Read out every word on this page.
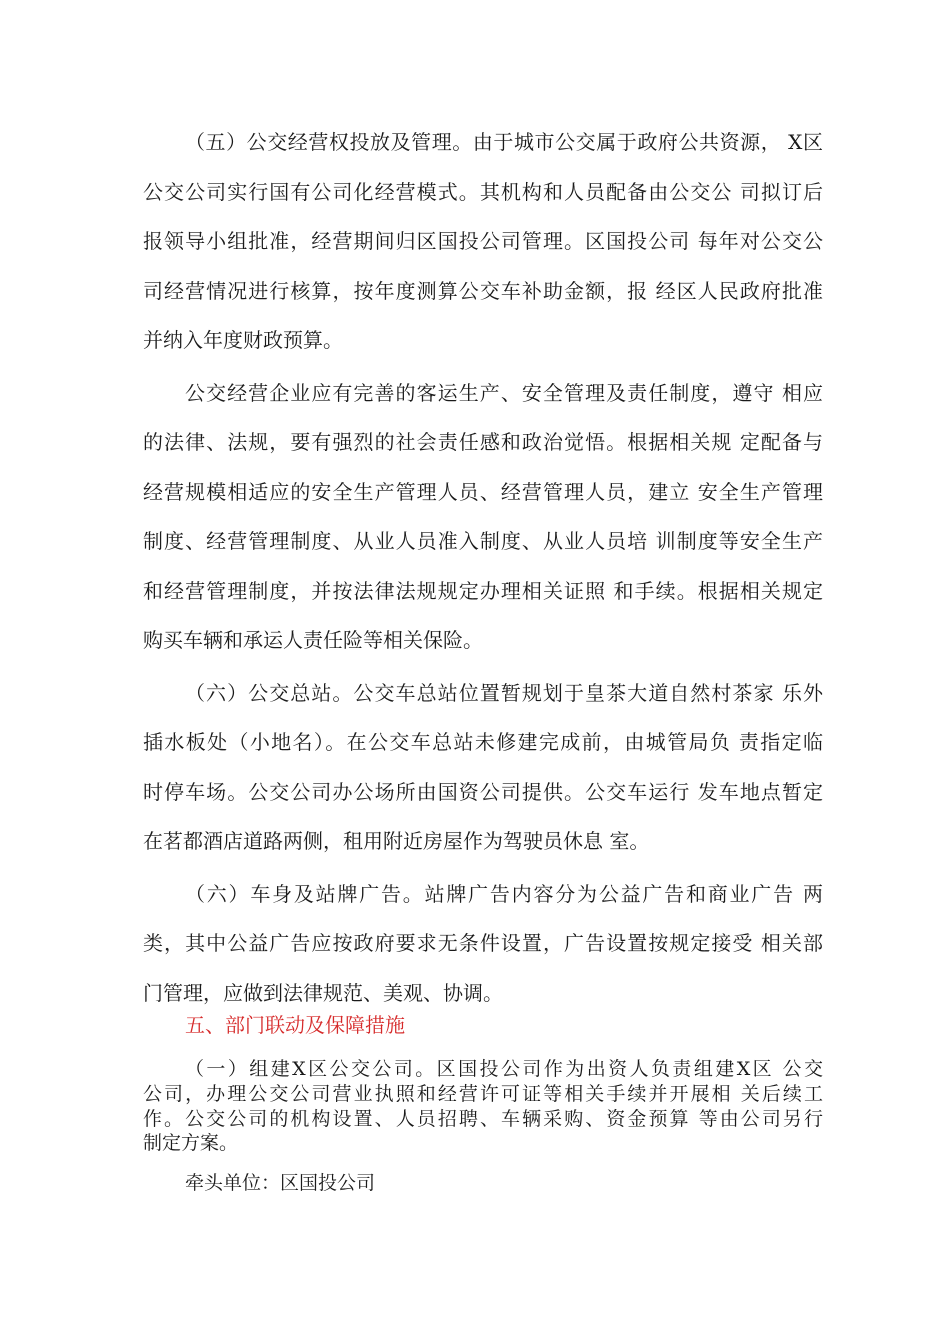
（五）公交经营权投放及管理。由于城市公交属于政府公共资源， X区
公交公司实行国有公司化经营模式。其机构和人员配备由公交公 司拟订后
报领导小组批准，经营期间归区国投公司管理。区国投公司 每年对公交公
司经营情况进行核算，按年度测算公交车补助金额，报 经区人民政府批准
并纳入年度财政预算。
公交经营企业应有完善的客运生产、安全管理及责任制度，遵守 相应
的法律、法规，要有强烈的社会责任感和政治觉悟。根据相关规 定配备与
经营规模相适应的安全生产管理人员、经营管理人员，建立 安全生产管理
制度、经营管理制度、从业人员准入制度、从业人员培 训制度等安全生产
和经营管理制度，并按法律法规规定办理相关证照 和手续。根据相关规定
购买车辆和承运人责任险等相关保险。
（六）公交总站。公交车总站位置暂规划于皇茶大道自然村茶家 乐外
插水板处（小地名）。在公交车总站未修建完成前，由城管局负 责指定临
时停车场。公交公司办公场所由国资公司提供。公交车运行 发车地点暂定
在茗都酒店道路两侧，租用附近房屋作为驾驶员休息 室。
（六）车身及站牌广告。站牌广告内容分为公益广告和商业广告 两
类，其中公益广告应按政府要求无条件设置，广告设置按规定接受 相关部
门管理，应做到法律规范、美观、协调。
五、部门联动及保障措施
（一）组建X区公交公司。区国投公司作为出资人负责组建X区 公交
公司，办理公交公司营业执照和经营许可证等相关手续并开展相 关后续工
作。公交公司的机构设置、人员招聘、车辆采购、资金预算 等由公司另行
制定方案。
牵头单位：区国投公司
